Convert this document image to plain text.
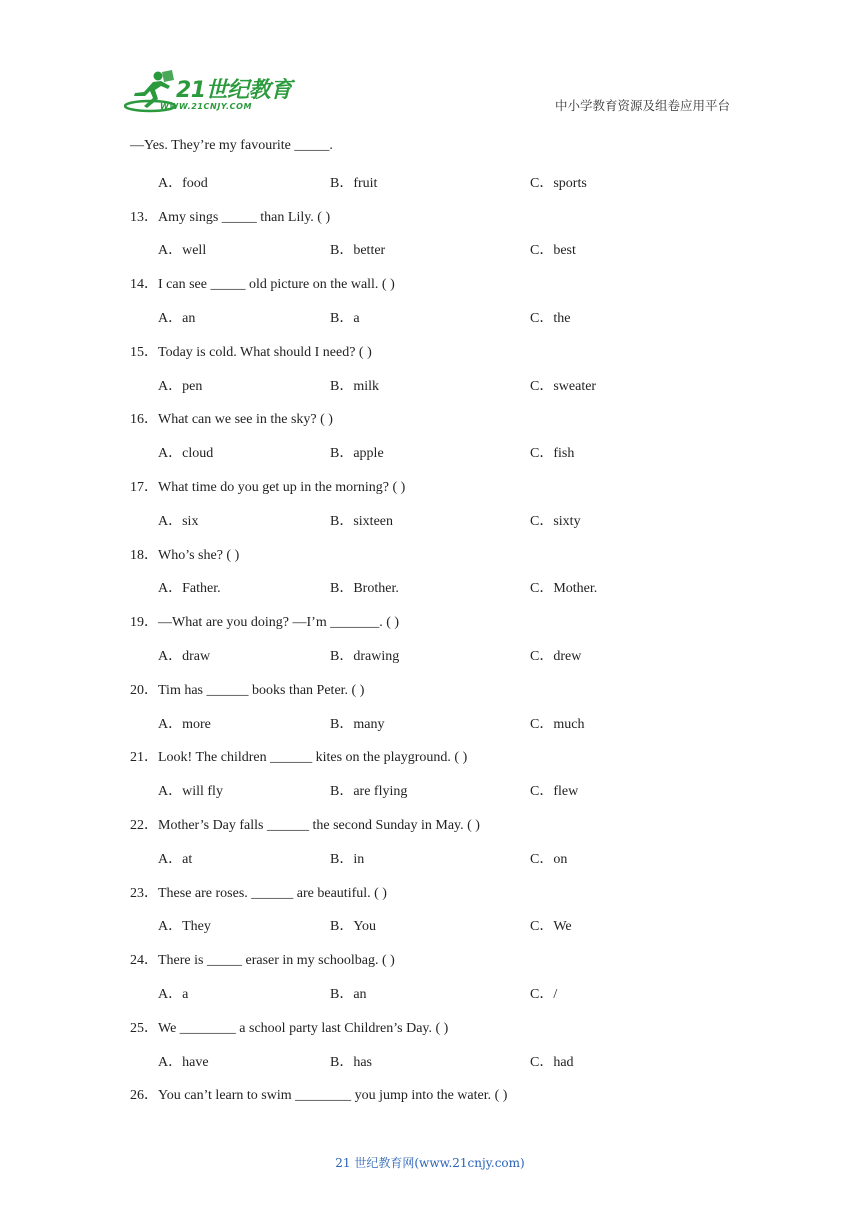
21世纪教育
WWW.21CNJY.COM	中小学教育资源及组卷应用平台
—Yes. They’re my favourite _____.
A．food	B．fruit	C．sports
13．Amy sings _____ than Lily. ( )
A．well	B．better	C．best
14．I can see _____ old picture on the wall. ( )
A．an	B．a	C．the
15．Today is cold. What should I need? ( )
A．pen	B．milk	C．sweater
16．What can we see in the sky? ( )
A．cloud	B．apple	C．fish
17．What time do you get up in the morning? ( )
A．six	B．sixteen	C．sixty
18．Who’s she? ( )
A．Father.	B．Brother.	C．Mother.
19．—What are you doing? —I’m _______. ( )
A．draw	B．drawing	C．drew
20．Tim has ______ books than Peter. ( )
A．more	B．many	C．much
21．Look! The children ______ kites on the playground. ( )
A．will fly	B．are flying	C．flew
22．Mother’s Day falls ______ the second Sunday in May. ( )
A．at	B．in	C．on
23．These are roses. ______ are beautiful. ( )
A．They	B．You	C．We
24．There is _____ eraser in my schoolbag. ( )
A．a	B．an	C．/
25．We ________ a school party last Children’s Day. ( )
A．have	B．has	C．had
26．You can’t learn to swim ________ you jump into the water. ( )
21 世纪教育网(www.21cnjy.com)
